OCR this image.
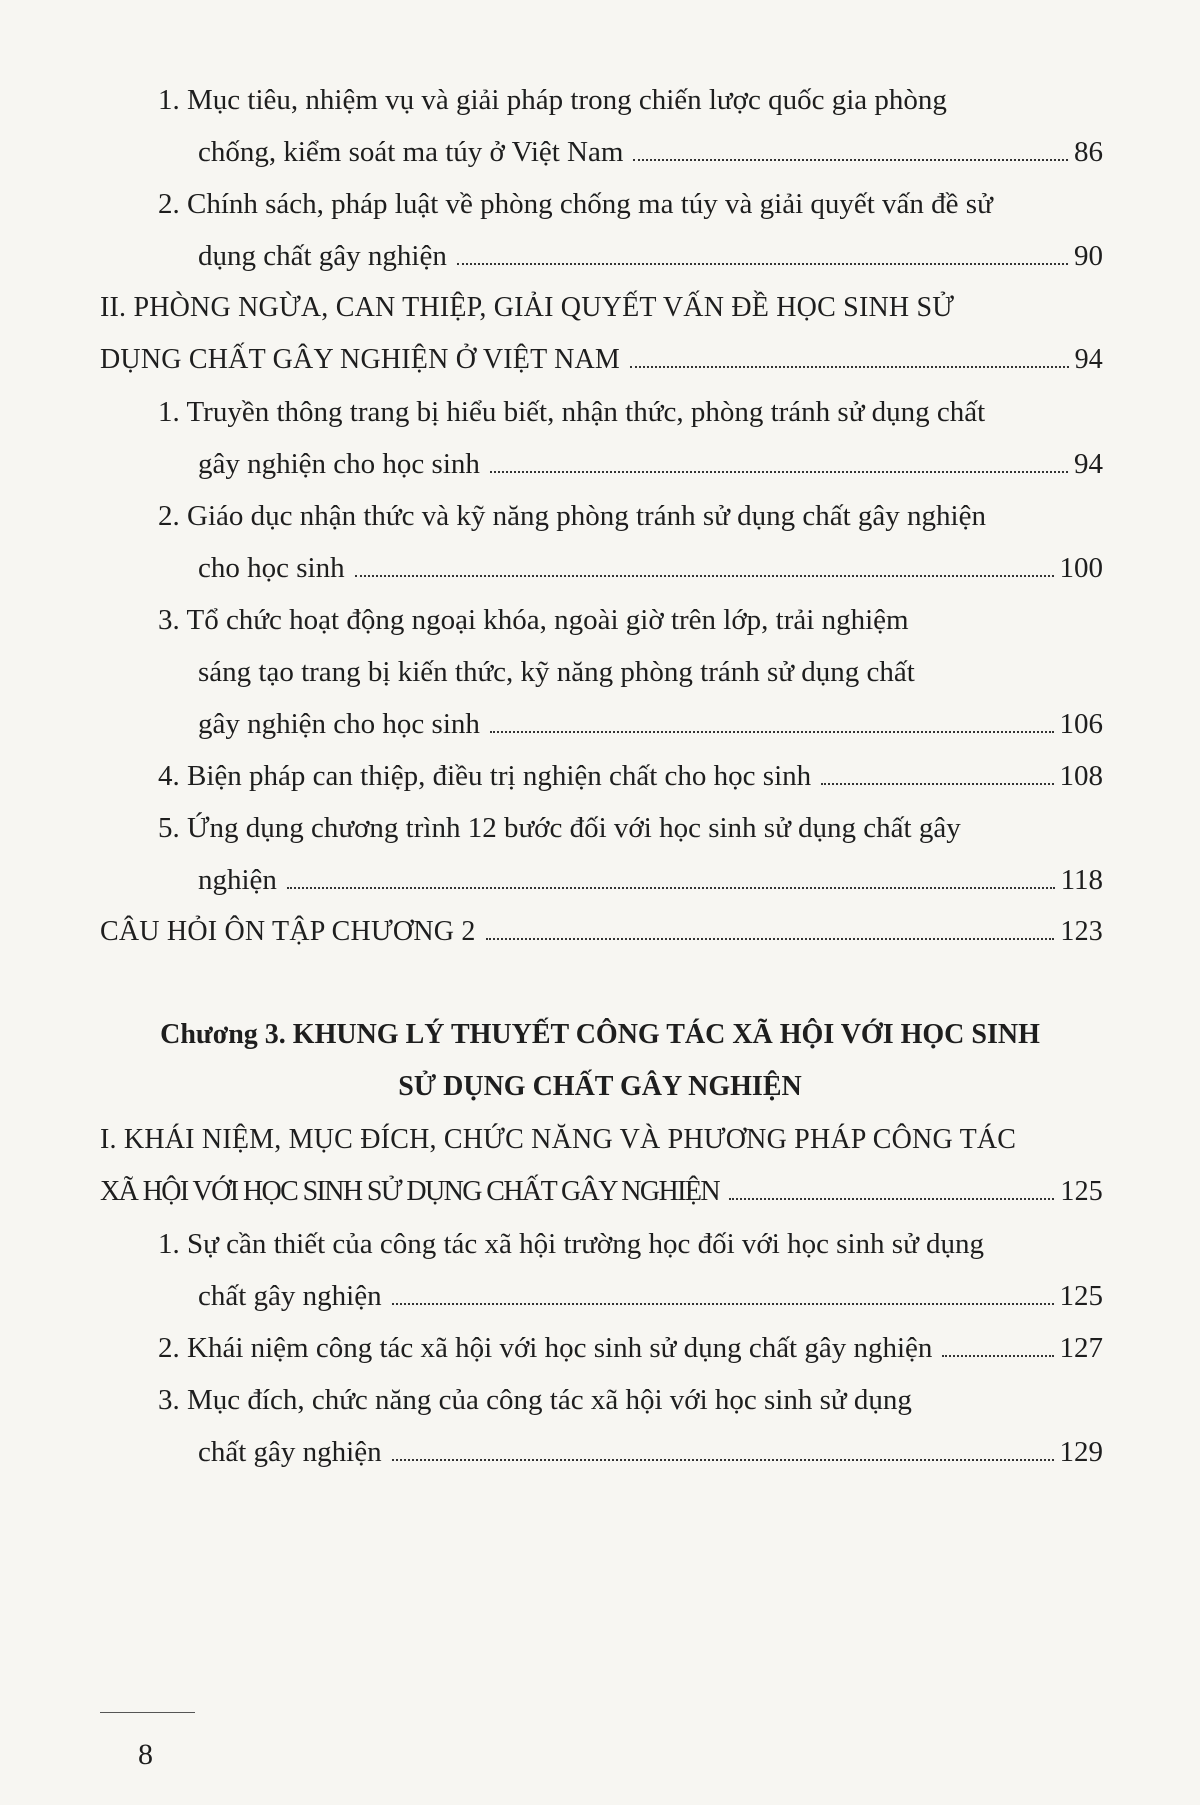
1. Mục tiêu, nhiệm vụ và giải pháp trong chiến lược quốc gia phòng
chống, kiểm soát ma túy ở Việt Nam	86
2. Chính sách, pháp luật về phòng chống ma túy và giải quyết vấn đề sử
dụng chất gây nghiện	90
II. PHÒNG NGỪA, CAN THIỆP, GIẢI QUYẾT VẤN ĐỀ HỌC SINH SỬ
DỤNG CHẤT GÂY NGHIỆN Ở VIỆT NAM	94
1. Truyền thông trang bị hiểu biết, nhận thức, phòng tránh sử dụng chất
gây nghiện cho học sinh	94
2. Giáo dục nhận thức và kỹ năng phòng tránh sử dụng chất gây nghiện
cho học sinh	100
3. Tổ chức hoạt động ngoại khóa, ngoài giờ trên lớp, trải nghiệm
sáng tạo trang bị kiến thức, kỹ năng phòng tránh sử dụng chất
gây nghiện cho học sinh	106
4. Biện pháp can thiệp, điều trị nghiện chất cho học sinh	108
5. Ứng dụng chương trình 12 bước đối với học sinh sử dụng chất gây
nghiện	118
CÂU HỎI ÔN TẬP CHƯƠNG 2	123
Chương 3. KHUNG LÝ THUYẾT CÔNG TÁC XÃ HỘI VỚI HỌC SINH
SỬ DỤNG CHẤT GÂY NGHIỆN
I. KHÁI NIỆM, MỤC ĐÍCH, CHỨC NĂNG VÀ PHƯƠNG PHÁP CÔNG TÁC
XÃ HỘI VỚI HỌC SINH SỬ DỤNG CHẤT GÂY NGHIỆN	125
1. Sự cần thiết của công tác xã hội trường học đối với học sinh sử dụng
chất gây nghiện	125
2. Khái niệm công tác xã hội với học sinh sử dụng chất gây nghiện	127
3. Mục đích, chức năng của công tác xã hội với học sinh sử dụng
chất gây nghiện	129
8
